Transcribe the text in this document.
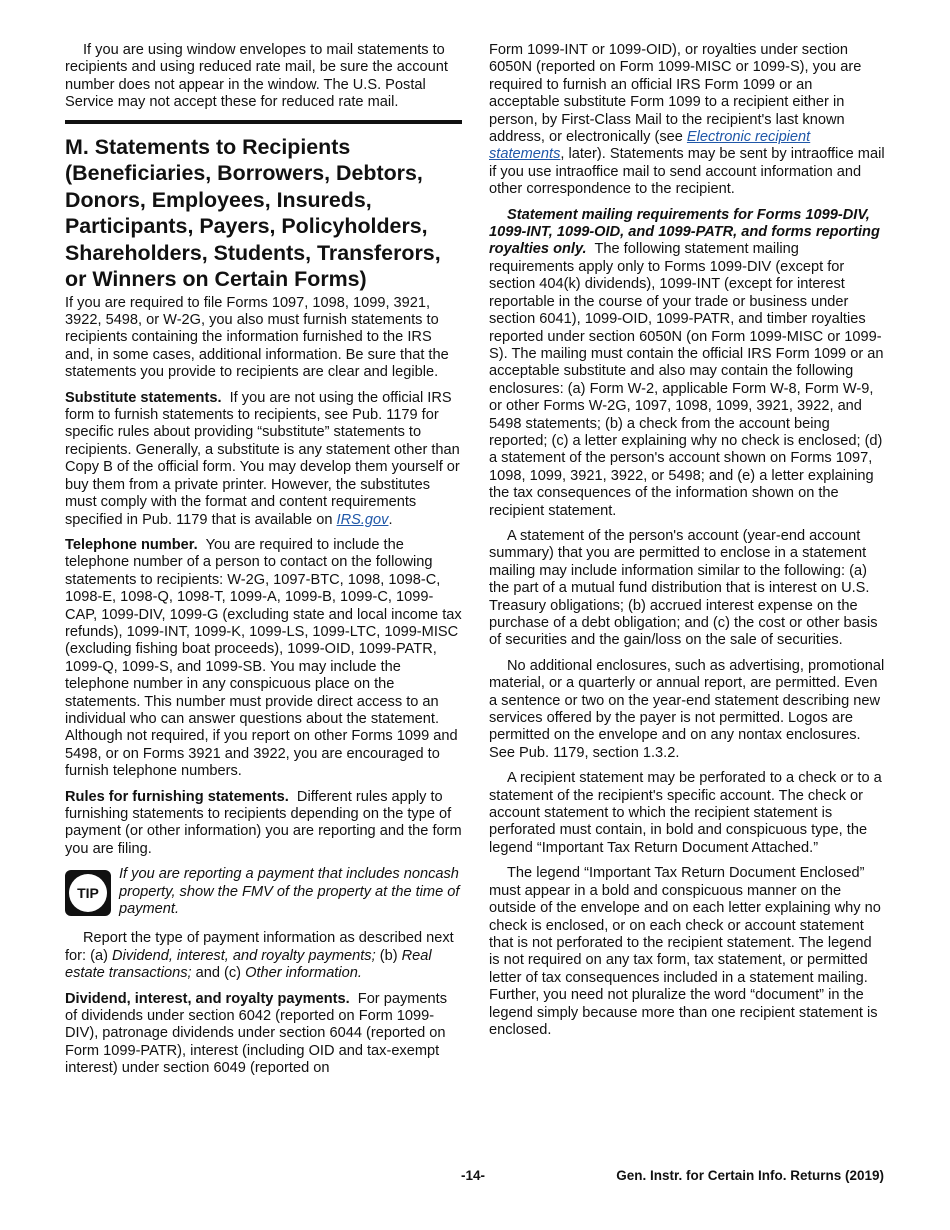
If you are using window envelopes to mail statements to recipients and using reduced rate mail, be sure the account number does not appear in the window. The U.S. Postal Service may not accept these for reduced rate mail.

M. Statements to Recipients (Beneficiaries, Borrowers, Debtors, Donors, Employees, Insureds, Participants, Payers, Policyholders, Shareholders, Students, Transferors, or Winners on Certain Forms)

If you are required to file Forms 1097, 1098, 1099, 3921, 3922, 5498, or W-2G, you also must furnish statements to recipients containing the information furnished to the IRS and, in some cases, additional information. Be sure that the statements you provide to recipients are clear and legible.

Substitute statements. If you are not using the official IRS form to furnish statements to recipients, see Pub. 1179 for specific rules about providing “substitute” statements to recipients. Generally, a substitute is any statement other than Copy B of the official form. You may develop them yourself or buy them from a private printer. However, the substitutes must comply with the format and content requirements specified in Pub. 1179 that is available on IRS.gov.

Telephone number. You are required to include the telephone number of a person to contact on the following statements to recipients: W-2G, 1097-BTC, 1098, 1098-C, 1098-E, 1098-Q, 1098-T, 1099-A, 1099-B, 1099-C, 1099-CAP, 1099-DIV, 1099-G (excluding state and local income tax refunds), 1099-INT, 1099-K, 1099-LS, 1099-LTC, 1099-MISC (excluding fishing boat proceeds), 1099-OID, 1099-PATR, 1099-Q, 1099-S, and 1099-SB. You may include the telephone number in any conspicuous place on the statements. This number must provide direct access to an individual who can answer questions about the statement. Although not required, if you report on other Forms 1099 and 5498, or on Forms 3921 and 3922, you are encouraged to furnish telephone numbers.

Rules for furnishing statements. Different rules apply to furnishing statements to recipients depending on the type of payment (or other information) you are reporting and the form you are filing.

TIP
If you are reporting a payment that includes noncash property, show the FMV of the property at the time of payment.

Report the type of payment information as described next for: (a) Dividend, interest, and royalty payments; (b) Real estate transactions; and (c) Other information.

Dividend, interest, and royalty payments. For payments of dividends under section 6042 (reported on Form 1099-DIV), patronage dividends under section 6044 (reported on Form 1099-PATR), interest (including OID and tax-exempt interest) under section 6049 (reported on

Form 1099-INT or 1099-OID), or royalties under section 6050N (reported on Form 1099-MISC or 1099-S), you are required to furnish an official IRS Form 1099 or an acceptable substitute Form 1099 to a recipient either in person, by First-Class Mail to the recipient's last known address, or electronically (see Electronic recipient statements, later). Statements may be sent by intraoffice mail if you use intraoffice mail to send account information and other correspondence to the recipient.

Statement mailing requirements for Forms 1099-DIV, 1099-INT, 1099-OID, and 1099-PATR, and forms reporting royalties only. The following statement mailing requirements apply only to Forms 1099-DIV (except for section 404(k) dividends), 1099-INT (except for interest reportable in the course of your trade or business under section 6041), 1099-OID, 1099-PATR, and timber royalties reported under section 6050N (on Form 1099-MISC or 1099-S). The mailing must contain the official IRS Form 1099 or an acceptable substitute and also may contain the following enclosures: (a) Form W-2, applicable Form W-8, Form W-9, or other Forms W-2G, 1097, 1098, 1099, 3921, 3922, and 5498 statements; (b) a check from the account being reported; (c) a letter explaining why no check is enclosed; (d) a statement of the person's account shown on Forms 1097, 1098, 1099, 3921, 3922, or 5498; and (e) a letter explaining the tax consequences of the information shown on the recipient statement.

A statement of the person's account (year-end account summary) that you are permitted to enclose in a statement mailing may include information similar to the following: (a) the part of a mutual fund distribution that is interest on U.S. Treasury obligations; (b) accrued interest expense on the purchase of a debt obligation; and (c) the cost or other basis of securities and the gain/loss on the sale of securities.

No additional enclosures, such as advertising, promotional material, or a quarterly or annual report, are permitted. Even a sentence or two on the year-end statement describing new services offered by the payer is not permitted. Logos are permitted on the envelope and on any nontax enclosures. See Pub. 1179, section 1.3.2.

A recipient statement may be perforated to a check or to a statement of the recipient's specific account. The check or account statement to which the recipient statement is perforated must contain, in bold and conspicuous type, the legend “Important Tax Return Document Attached.”

The legend “Important Tax Return Document Enclosed” must appear in a bold and conspicuous manner on the outside of the envelope and on each letter explaining why no check is enclosed, or on each check or account statement that is not perforated to the recipient statement. The legend is not required on any tax form, tax statement, or permitted letter of tax consequences included in a statement mailing. Further, you need not pluralize the word “document” in the legend simply because more than one recipient statement is enclosed.

-14-	Gen. Instr. for Certain Info. Returns (2019)
